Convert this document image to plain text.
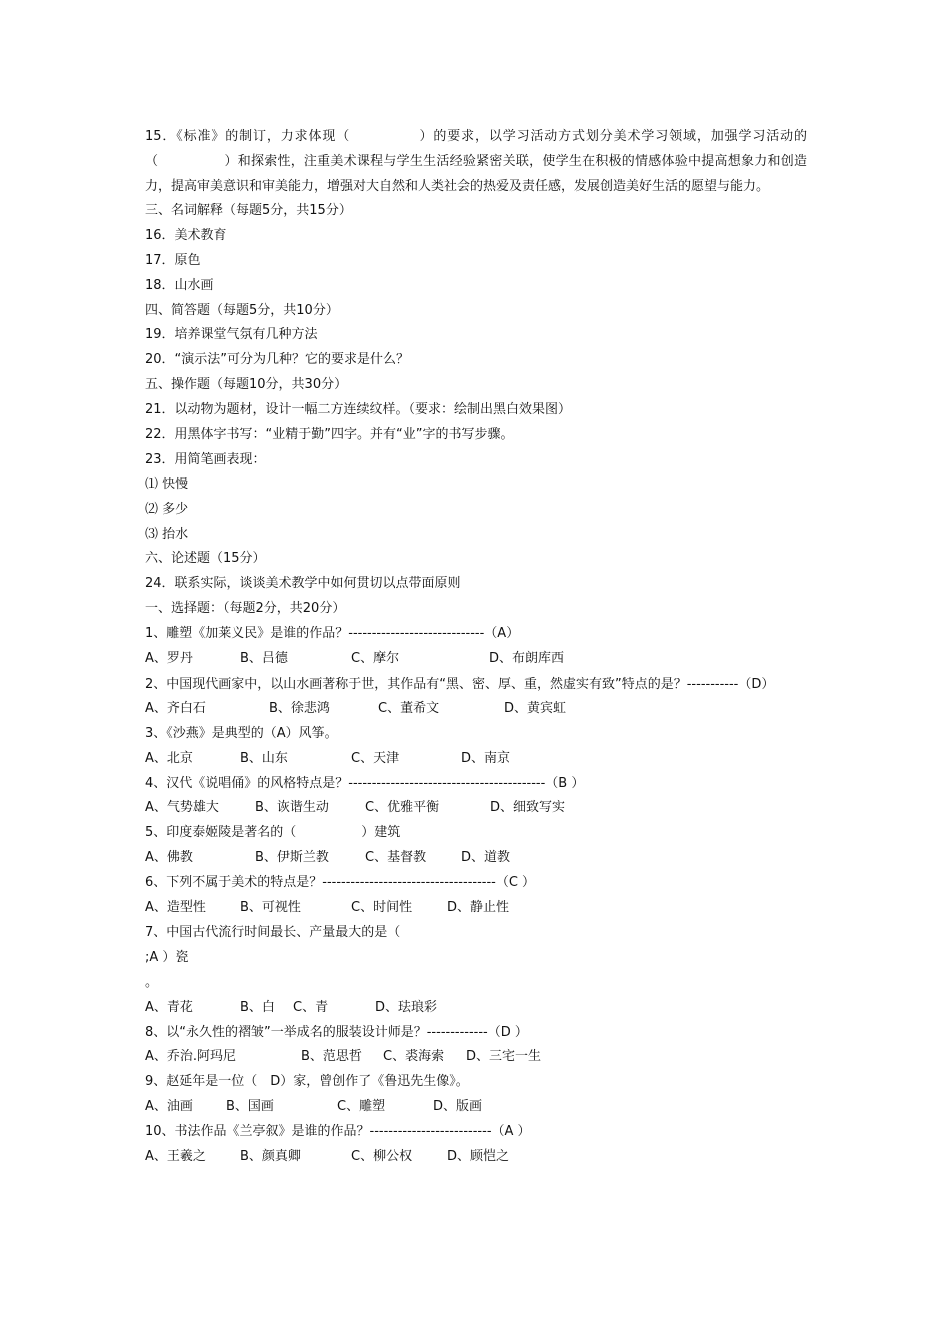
15．《标准》的制订，力求体现（　　　　　）的要求，以学习活动方式划分美术学习领域，加强学习活动的（　　　　　）和探索性，注重美术课程与学生生活经验紧密关联，使学生在积极的情感体验中提高想象力和创造力，提高审美意识和审美能力，增强对大自然和人类社会的热爱及责任感，发展创造美好生活的愿望与能力。

三、名词解释（每题5分，共15分）
16．美术教育
17．原色
18．山水画
四、简答题（每题5分，共10分）
19．培养课堂气氛有几种方法
20．“演示法”可分为几种？它的要求是什么？
五、操作题（每题10分，共30分）
21．以动物为题材，设计一幅二方连续纹样。（要求：绘制出黑白效果图）
22．用黑体字书写：“业精于勤”四字。并有“业”字的书写步骤。
23．用简笔画表现：
⑴ 快慢
⑵ 多少
⑶ 抬水
六、论述题（15分）
24．联系实际，谈谈美术教学中如何贯切以点带面原则
一、选择题：（每题2分，共20分）
1、雕塑《加莱义民》是谁的作品？-----------------------------（A）
A、罗丹	B、吕德	C、摩尔	D、布朗库西

2、中国现代画家中，以山水画著称于世，其作品有“黑、密、厚、重，然虚实有致”特点的是？-----------（D）

A、齐白石	B、徐悲鸿	C、董希文	D、黄宾虹
3、《沙燕》是典型的（A）风筝。
A、北京	B、山东	C、天津	D、南京
4、汉代《说唱俑》的风格特点是？------------------------------------------（B ）
A、气势雄大	B、诙谐生动	C、优雅平衡	D、细致写实
5、印度泰姬陵是著名的（　　　　　）建筑
A、佛教	B、伊斯兰教	C、基督教	D、道教
6、下列不属于美术的特点是？-------------------------------------（C ）
A、造型性	B、可视性	C、时间性	D、静止性
7、中国古代流行时间最长、产量最大的是（
;A ）瓷
。
A、青花	B、白 C、青	D、珐琅彩
8、以“永久性的褶皱”一举成名的服装设计师是？-------------（D ）
A、乔治.阿玛尼	B、范思哲 C、裘海索 D、三宅一生
9、赵延年是一位（　D）家，曾创作了《鲁迅先生像》。
A、油画	B、国画	C、雕塑	D、版画
10、书法作品《兰亭叙》是谁的作品？--------------------------（A ）
A、王羲之	B、颜真卿	C、柳公权	D、顾恺之
